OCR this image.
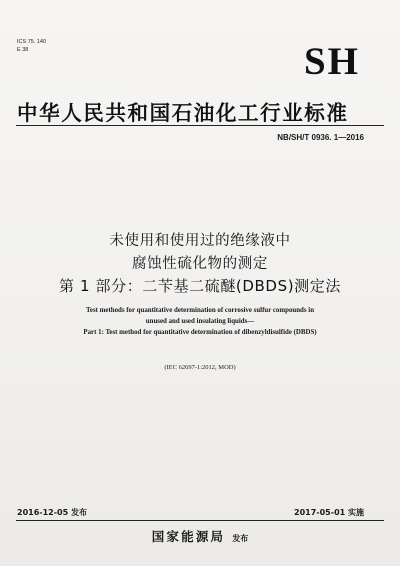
ICS 75. 140
E 38	SH
中华人民共和国石油化工行业标准
NB/SH/T 0936. 1—2016
未使用和使用过的绝缘液中
腐蚀性硫化物的测定
第 1 部分：二苄基二硫醚(DBDS)测定法
Test methods for quantitative determination of corrosive sulfur compounds in
unused and used insulating liquids—
Part 1: Test method for quantitative determination of dibenzyldisulfide (DBDS)
(IEC 62697-1:2012, MOD)
2016-12-05 发布	2017-05-01 实施
国家能源局 发布
